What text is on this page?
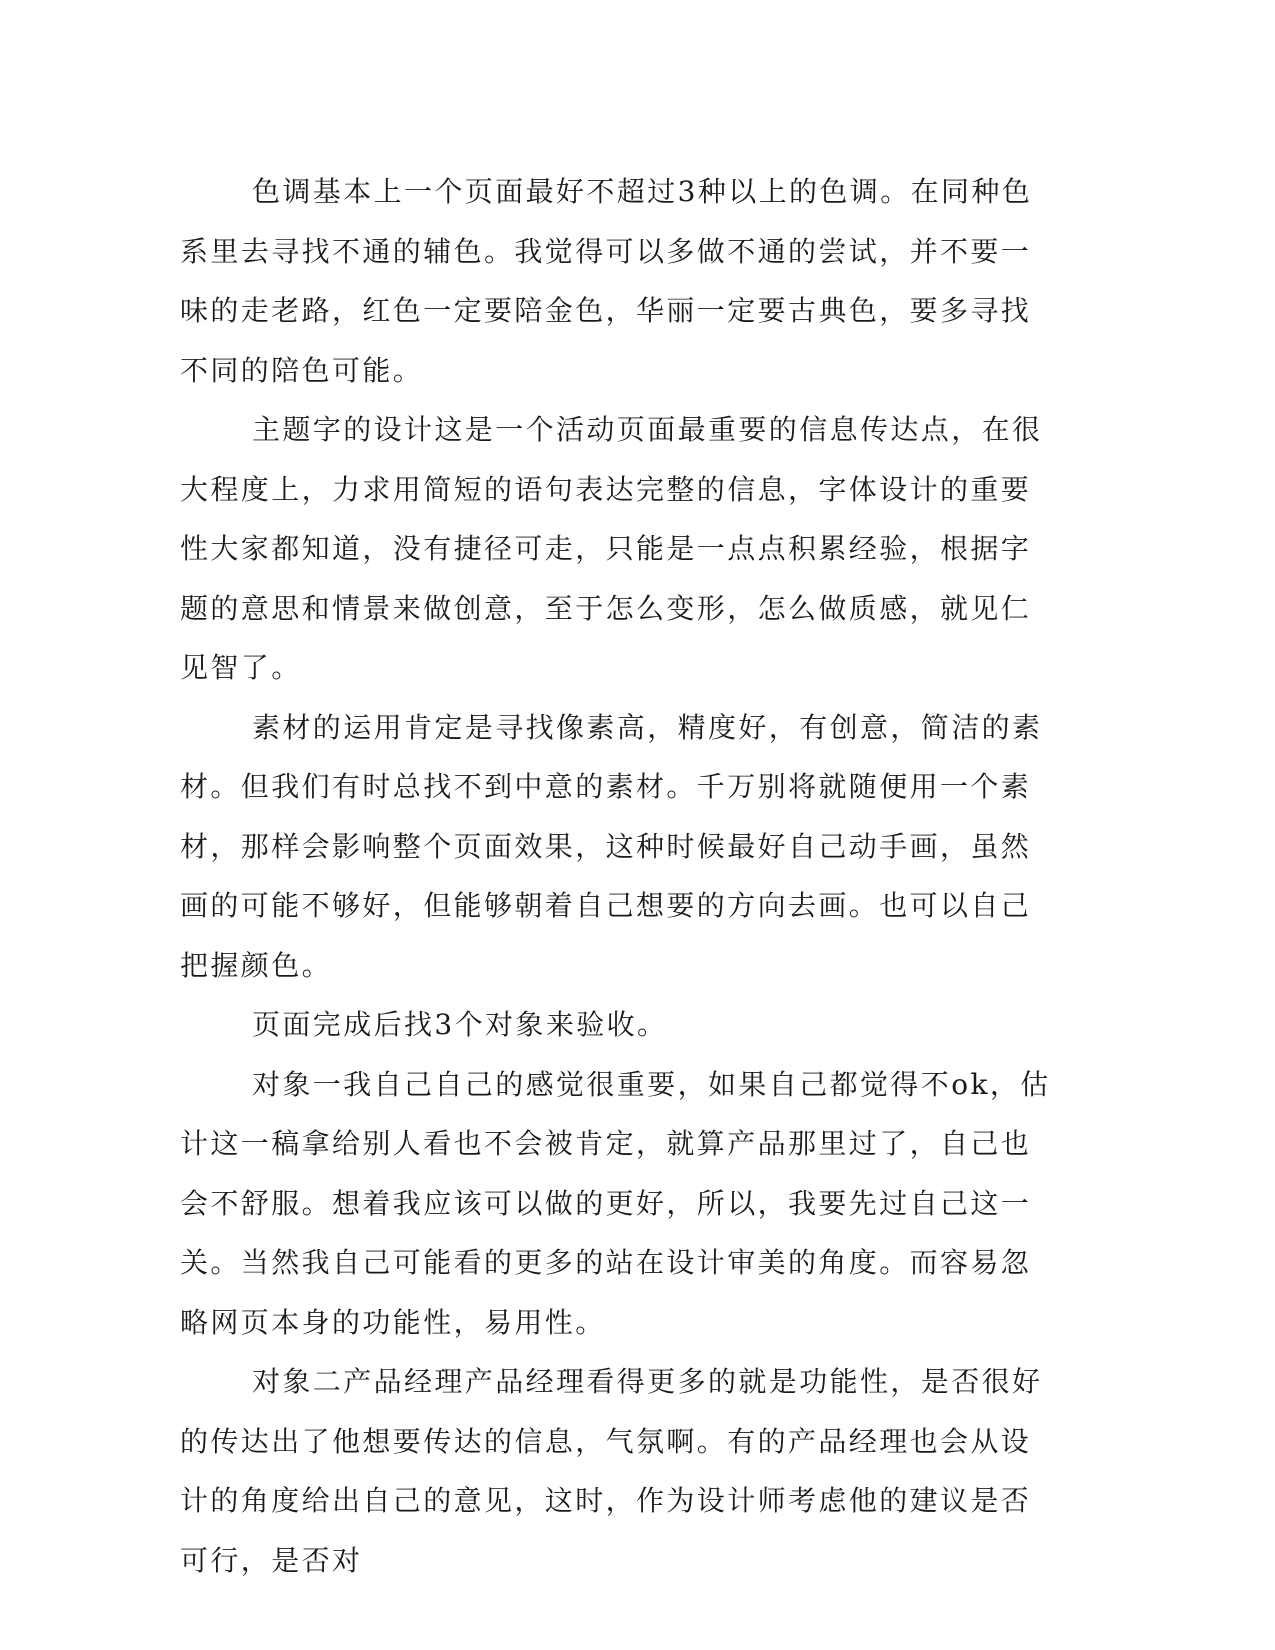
色调基本上一个页面最好不超过3种以上的色调。在同种色系里去寻找不通的辅色。我觉得可以多做不通的尝试，并不要一味的走老路，红色一定要陪金色，华丽一定要古典色，要多寻找不同的陪色可能。

主题字的设计这是一个活动页面最重要的信息传达点，在很大程度上，力求用简短的语句表达完整的信息，字体设计的重要性大家都知道，没有捷径可走，只能是一点点积累经验，根据字题的意思和情景来做创意，至于怎么变形，怎么做质感，就见仁见智了。

素材的运用肯定是寻找像素高，精度好，有创意，简洁的素材。但我们有时总找不到中意的素材。千万别将就随便用一个素材，那样会影响整个页面效果，这种时候最好自己动手画，虽然画的可能不够好，但能够朝着自己想要的方向去画。也可以自己把握颜色。

页面完成后找3个对象来验收。

对象一我自己自己的感觉很重要，如果自己都觉得不ok，估计这一稿拿给别人看也不会被肯定，就算产品那里过了，自己也会不舒服。想着我应该可以做的更好，所以，我要先过自己这一关。当然我自己可能看的更多的站在设计审美的角度。而容易忽略网页本身的功能性，易用性。

对象二产品经理产品经理看得更多的就是功能性，是否很好的传达出了他想要传达的信息，气氛啊。有的产品经理也会从设计的角度给出自己的意见，这时，作为设计师考虑他的建议是否可行，是否对
